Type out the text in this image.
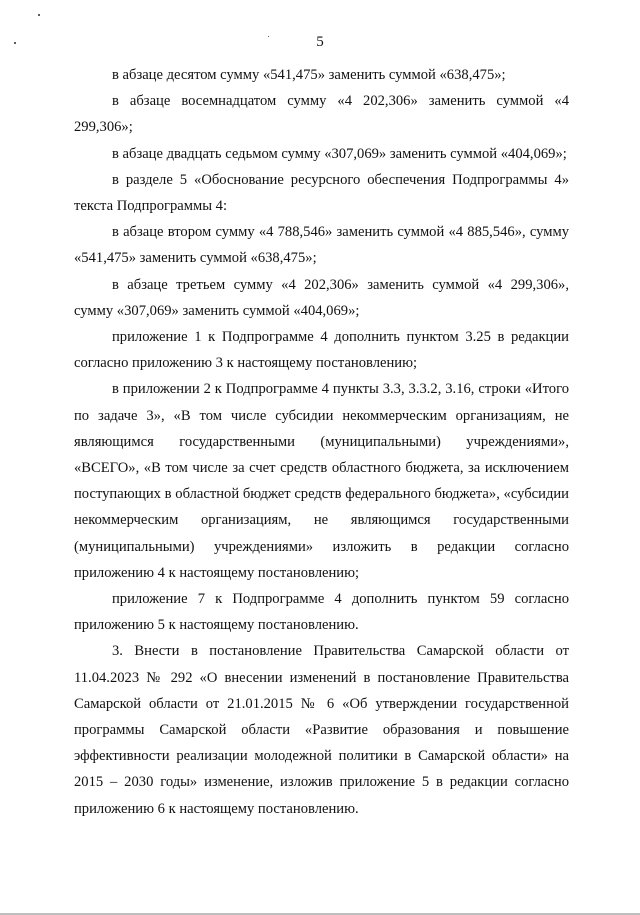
5

в абзаце десятом сумму «541,475» заменить суммой «638,475»;

в абзаце восемнадцатом сумму «4 202,306» заменить суммой «4 299,306»;

в абзаце двадцать седьмом сумму «307,069» заменить суммой «404,069»;

в разделе 5 «Обоснование ресурсного обеспечения Подпрограммы 4» текста Подпрограммы 4:

в абзаце втором сумму «4 788,546» заменить суммой «4 885,546», сумму «541,475» заменить суммой «638,475»;

в абзаце третьем сумму «4 202,306» заменить суммой «4 299,306», сумму «307,069» заменить суммой «404,069»;

приложение 1 к Подпрограмме 4 дополнить пунктом 3.25 в редакции согласно приложению 3 к настоящему постановлению;

в приложении 2 к Подпрограмме 4 пункты 3.3, 3.3.2, 3.16, строки «Итого по задаче 3», «В том числе субсидии некоммерческим организациям, не являющимся государственными (муниципальными) учреждениями», «ВСЕГО», «В том числе за счет средств областного бюджета, за исключением поступающих в областной бюджет средств федерального бюджета», «субсидии некоммерческим организациям, не являющимся государственными (муниципальными) учреждениями» изложить в редакции согласно приложению 4 к настоящему постановлению;

приложение 7 к Подпрограмме 4 дополнить пунктом 59 согласно приложению 5 к настоящему постановлению.

3. Внести в постановление Правительства Самарской области от 11.04.2023 № 292 «О внесении изменений в постановление Правительства Самарской области от 21.01.2015 № 6 «Об утверждении государственной программы Самарской области «Развитие образования и повышение эффективности реализации молодежной политики в Самарской области» на 2015 – 2030 годы» изменение, изложив приложение 5 в редакции согласно приложению 6 к настоящему постановлению.
